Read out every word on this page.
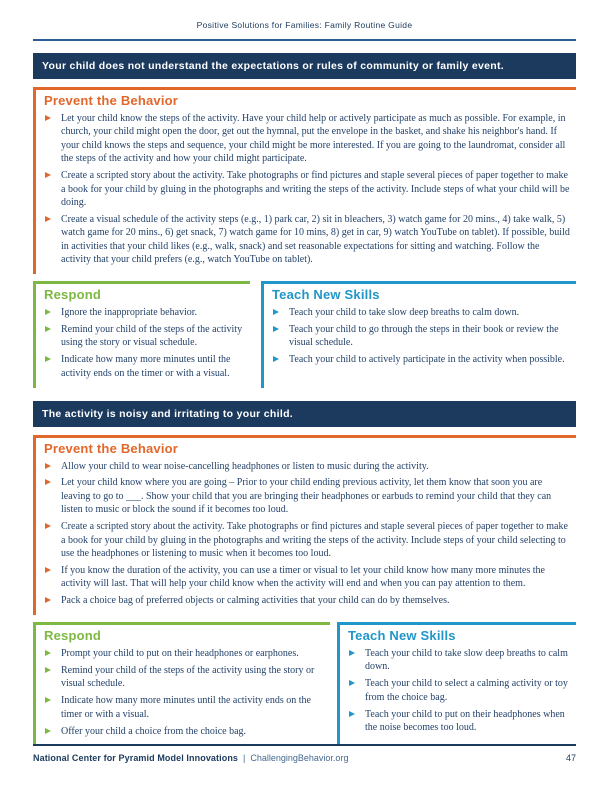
Positive Solutions for Families: Family Routine Guide
Your child does not understand the expectations or rules of community or family event.
Prevent the Behavior
Let your child know the steps of the activity. Have your child help or actively participate as much as possible. For example, in church, your child might open the door, get out the hymnal, put the envelope in the basket, and shake his neighbor's hand. If your child knows the steps and sequence, your child might be more interested. If you are going to the laundromat, consider all the steps of the activity and how your child might participate.
Create a scripted story about the activity. Take photographs or find pictures and staple several pieces of paper together to make a book for your child by gluing in the photographs and writing the steps of the activity. Include steps of what your child will be doing.
Create a visual schedule of the activity steps (e.g., 1) park car, 2) sit in bleachers, 3) watch game for 20 mins., 4) take walk, 5) watch game for 20 mins., 6) get snack, 7) watch game for 10 mins, 8) get in car, 9) watch YouTube on tablet). If possible, build in activities that your child likes (e.g., walk, snack) and set reasonable expectations for sitting and watching. Follow the activity that your child prefers (e.g., watch YouTube on tablet).
Respond
Ignore the inappropriate behavior.
Remind your child of the steps of the activity using the story or visual schedule.
Indicate how many more minutes until the activity ends on the timer or with a visual.
Teach New Skills
Teach your child to take slow deep breaths to calm down.
Teach your child to go through the steps in their book or review the visual schedule.
Teach your child to actively participate in the activity when possible.
The activity is noisy and irritating to your child.
Prevent the Behavior
Allow your child to wear noise-cancelling headphones or listen to music during the activity.
Let your child know where you are going – Prior to your child ending previous activity, let them know that soon you are leaving to go to ___. Show your child that you are bringing their headphones or earbuds to remind your child that they can listen to music or block the sound if it becomes too loud.
Create a scripted story about the activity. Take photographs or find pictures and staple several pieces of paper together to make a book for your child by gluing in the photographs and writing the steps of the activity. Include steps of your child selecting to use the headphones or listening to music when it becomes too loud.
If you know the duration of the activity, you can use a timer or visual to let your child know how many more minutes the activity will last. That will help your child know when the activity will end and when you can pay attention to them.
Pack a choice bag of preferred objects or calming activities that your child can do by themselves.
Respond
Prompt your child to put on their headphones or earphones.
Remind your child of the steps of the activity using the story or visual schedule.
Indicate how many more minutes until the activity ends on the timer or with a visual.
Offer your child a choice from the choice bag.
Teach New Skills
Teach your child to take slow deep breaths to calm down.
Teach your child to select a calming activity or toy from the choice bag.
Teach your child to put on their headphones when the noise becomes too loud.
National Center for Pyramid Model Innovations | ChallengingBehavior.org	47
